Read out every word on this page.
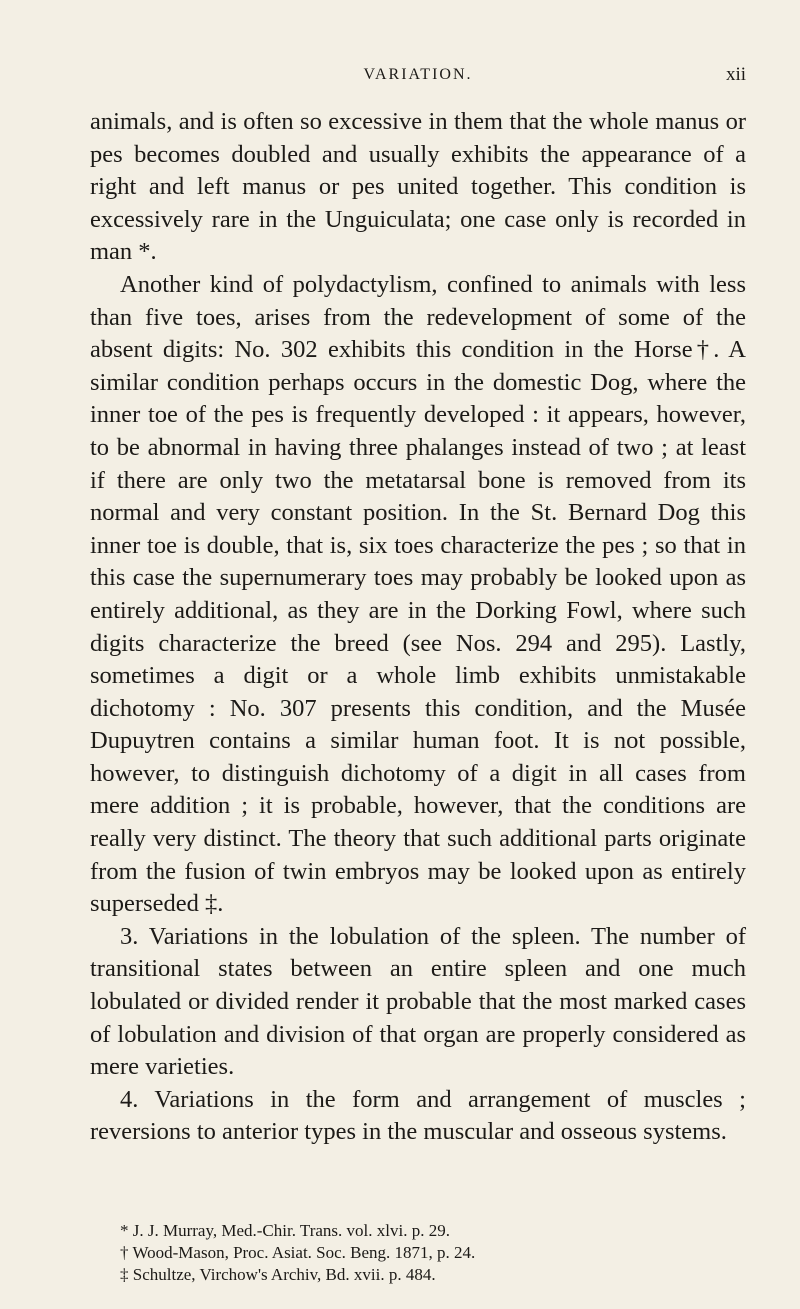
VARIATION.	xii

animals, and is often so excessive in them that the whole manus or pes becomes doubled and usually exhibits the appearance of a right and left manus or pes united together. This condition is excessively rare in the Unguiculata; one case only is recorded in man *.

Another kind of polydactylism, confined to animals with less than five toes, arises from the redevelopment of some of the absent digits: No. 302 exhibits this condition in the Horse†. A similar condition perhaps occurs in the domestic Dog, where the inner toe of the pes is frequently developed : it appears, however, to be abnormal in having three phalanges instead of two ; at least if there are only two the metatarsal bone is removed from its normal and very constant position. In the St. Bernard Dog this inner toe is double, that is, six toes characterize the pes ; so that in this case the supernumerary toes may probably be looked upon as entirely additional, as they are in the Dorking Fowl, where such digits characterize the breed (see Nos. 294 and 295). Lastly, sometimes a digit or a whole limb exhibits unmistakable dichotomy : No. 307 presents this condition, and the Musée Dupuytren contains a similar human foot. It is not possible, however, to distinguish dichotomy of a digit in all cases from mere addition ; it is probable, however, that the conditions are really very distinct. The theory that such additional parts originate from the fusion of twin embryos may be looked upon as entirely superseded ‡.

3. Variations in the lobulation of the spleen. The number of transitional states between an entire spleen and one much lobulated or divided render it probable that the most marked cases of lobulation and division of that organ are properly considered as mere varieties.

4. Variations in the form and arrangement of muscles ; reversions to anterior types in the muscular and osseous systems.

* J. J. Murray, Med.-Chir. Trans. vol. xlvi. p. 29.

† Wood-Mason, Proc. Asiat. Soc. Beng. 1871, p. 24.

‡ Schultze, Virchow's Archiv, Bd. xvii. p. 484.
